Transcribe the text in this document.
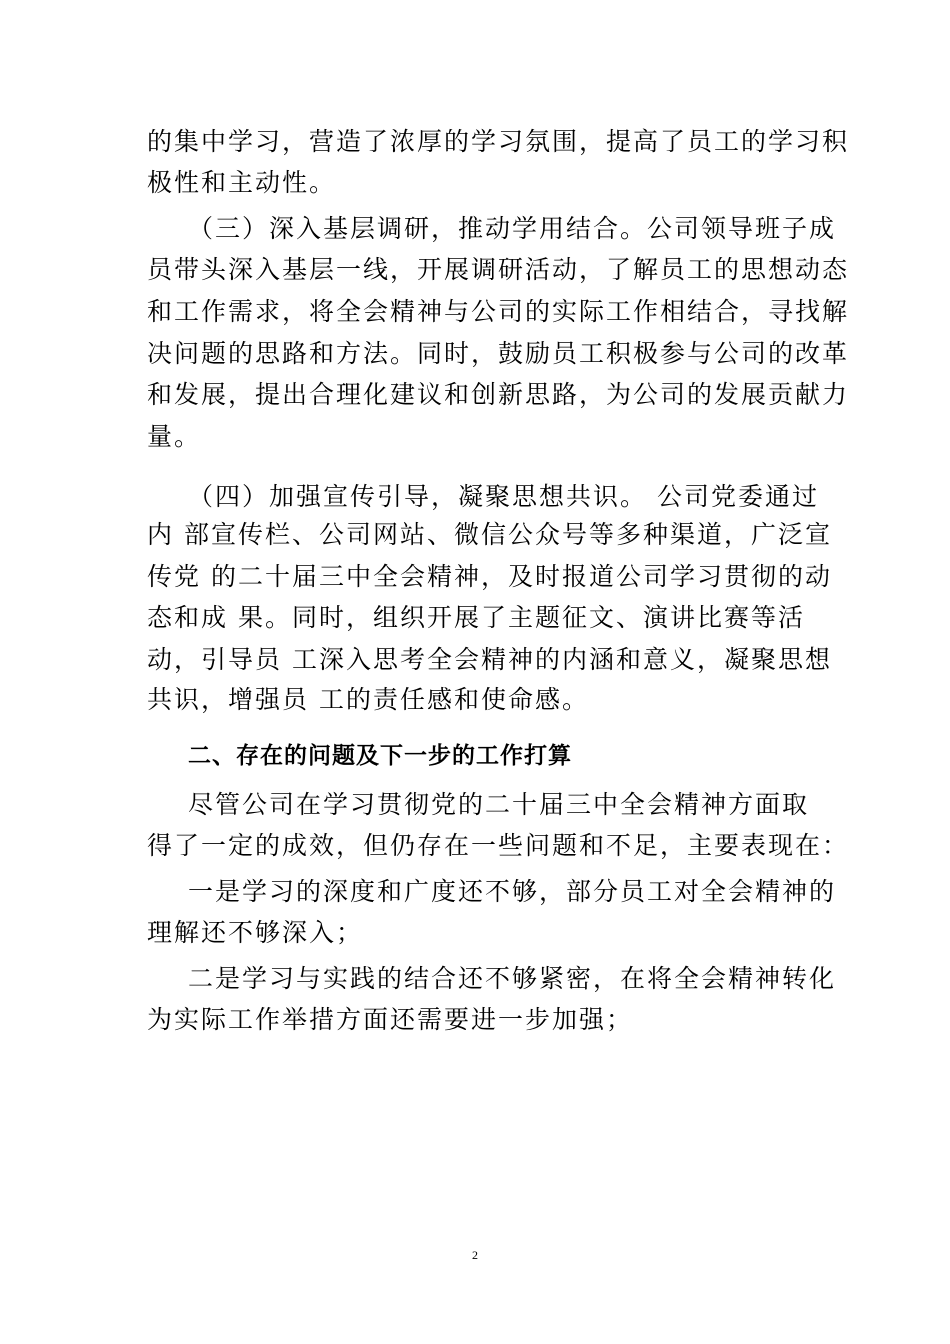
的集中学习，营造了浓厚的学习氛围，提高了员工的学习积
极性和主动性。
（三）深入基层调研，推动学用结合。公司领导班子成
员带头深入基层一线，开展调研活动，了解员工的思想动态
和工作需求，将全会精神与公司的实际工作相结合，寻找解
决问题的思路和方法。同时，鼓励员工积极参与公司的改革
和发展，提出合理化建议和创新思路，为公司的发展贡献力
量。
（四）加强宣传引导，凝聚思想共识。 公司党委通过
内 部宣传栏、公司网站、微信公众号等多种渠道，广泛宣
传党 的二十届三中全会精神，及时报道公司学习贯彻的动
态和成 果。同时，组织开展了主题征文、演讲比赛等活
动，引导员 工深入思考全会精神的内涵和意义，凝聚思想
共识，增强员 工的责任感和使命感。
二、存在的问题及下一步的工作打算
尽管公司在学习贯彻党的二十届三中全会精神方面取
得了一定的成效，但仍存在一些问题和不足，主要表现在：
一是学习的深度和广度还不够，部分员工对全会精神的
理解还不够深入；
二是学习与实践的结合还不够紧密，在将全会精神转化
为实际工作举措方面还需要进一步加强；
2
